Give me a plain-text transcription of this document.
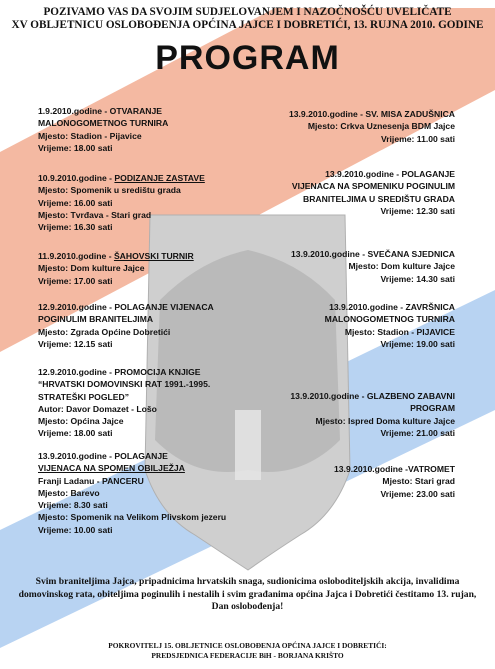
POZIVAMO VAS DA SVOJIM SUDJELOVANJEM I NAZOČNOŠĆU UVELIČATE
XV OBLJETNICU OSLOBOĐENJA OPĆINA JAJCE I DOBRETIĆI, 13. RUJNA 2010. GODINE
PROGRAM
1.9.2010.godine - OTVARANJE
MALONOGOMETNOG TURNIRA
Mjesto: Stadion - Pijavice
Vrijeme: 18.00 sati
10.9.2010.godine - PODIZANJE ZASTAVE
Mjesto: Spomenik u središtu grada
Vrijeme: 16.00 sati
Mjesto: Tvrđava - Stari grad
Vrijeme: 16.30 sati
11.9.2010.godine - ŠAHOVSKI TURNIR
Mjesto: Dom kulture Jajce
Vrijeme: 17.00 sati
12.9.2010.godine - POLAGANJE VIJENACA
POGINULIM BRANITELJIMA
Mjesto: Zgrada Općine Dobretići
Vrijeme: 12.15 sati
12.9.2010.godine - PROMOCIJA KNJIGE
“HRVATSKI DOMOVINSKI RAT 1991.-1995.
STRATEŠKI POGLED”
Autor: Davor Domazet - Lošo
Mjesto: Općina Jajce
Vrijeme: 18.00 sati
13.9.2010.godine - POLAGANJE
VIJENACA NA SPOMEN OBILJEŽJA
Franji Ladanu - PANCERU
Mjesto: Barevo
Vrijeme: 8.30 sati
Mjesto: Spomenik na Velikom Plivskom jezeru
Vrijeme: 10.00 sati
13.9.2010.godine - SV. MISA ZADUŠNICA
Mjesto: Crkva Uznesenja BDM Jajce
Vrijeme: 11.00 sati
13.9.2010.godine - POLAGANJE
VIJENACA NA SPOMENIKU POGINULIM
BRANITELJIMA U SREDIŠTU GRADA
Vrijeme: 12.30 sati
13.9.2010.godine - SVEČANA SJEDNICA
Mjesto: Dom kulture Jajce
Vrijeme: 14.30 sati
13.9.2010.godine - ZAVRŠNICA
MALONOGOMETNOG TURNIRA
Mjesto: Stadion - PIJAVICE
Vrijeme: 19.00 sati
13.9.2010.godine - GLAZBENO ZABAVNI
PROGRAM
Mjesto: Ispred Doma kulture Jajce
Vrijeme: 21.00 sati
13.9.2010.godine -VATROMET
Mjesto: Stari grad
Vrijeme: 23.00 sati
Svim braniteljima Jajca, pripadnicima hrvatskih snaga, sudionicima osloboditeljskih akcija, invalidima domovinskog rata, obiteljima poginulih i nestalih i svim građanima općina Jajca i Dobretići čestitamo 13. rujan, Dan oslobođenja!
POKROVITELJ 15. OBLJETNICE OSLOBOĐENJA OPĆINA JAJCE I DOBRETIĆI:
PREDSJEDNICA FEDERACIJE BiH - BORJANA KRIŠTO
